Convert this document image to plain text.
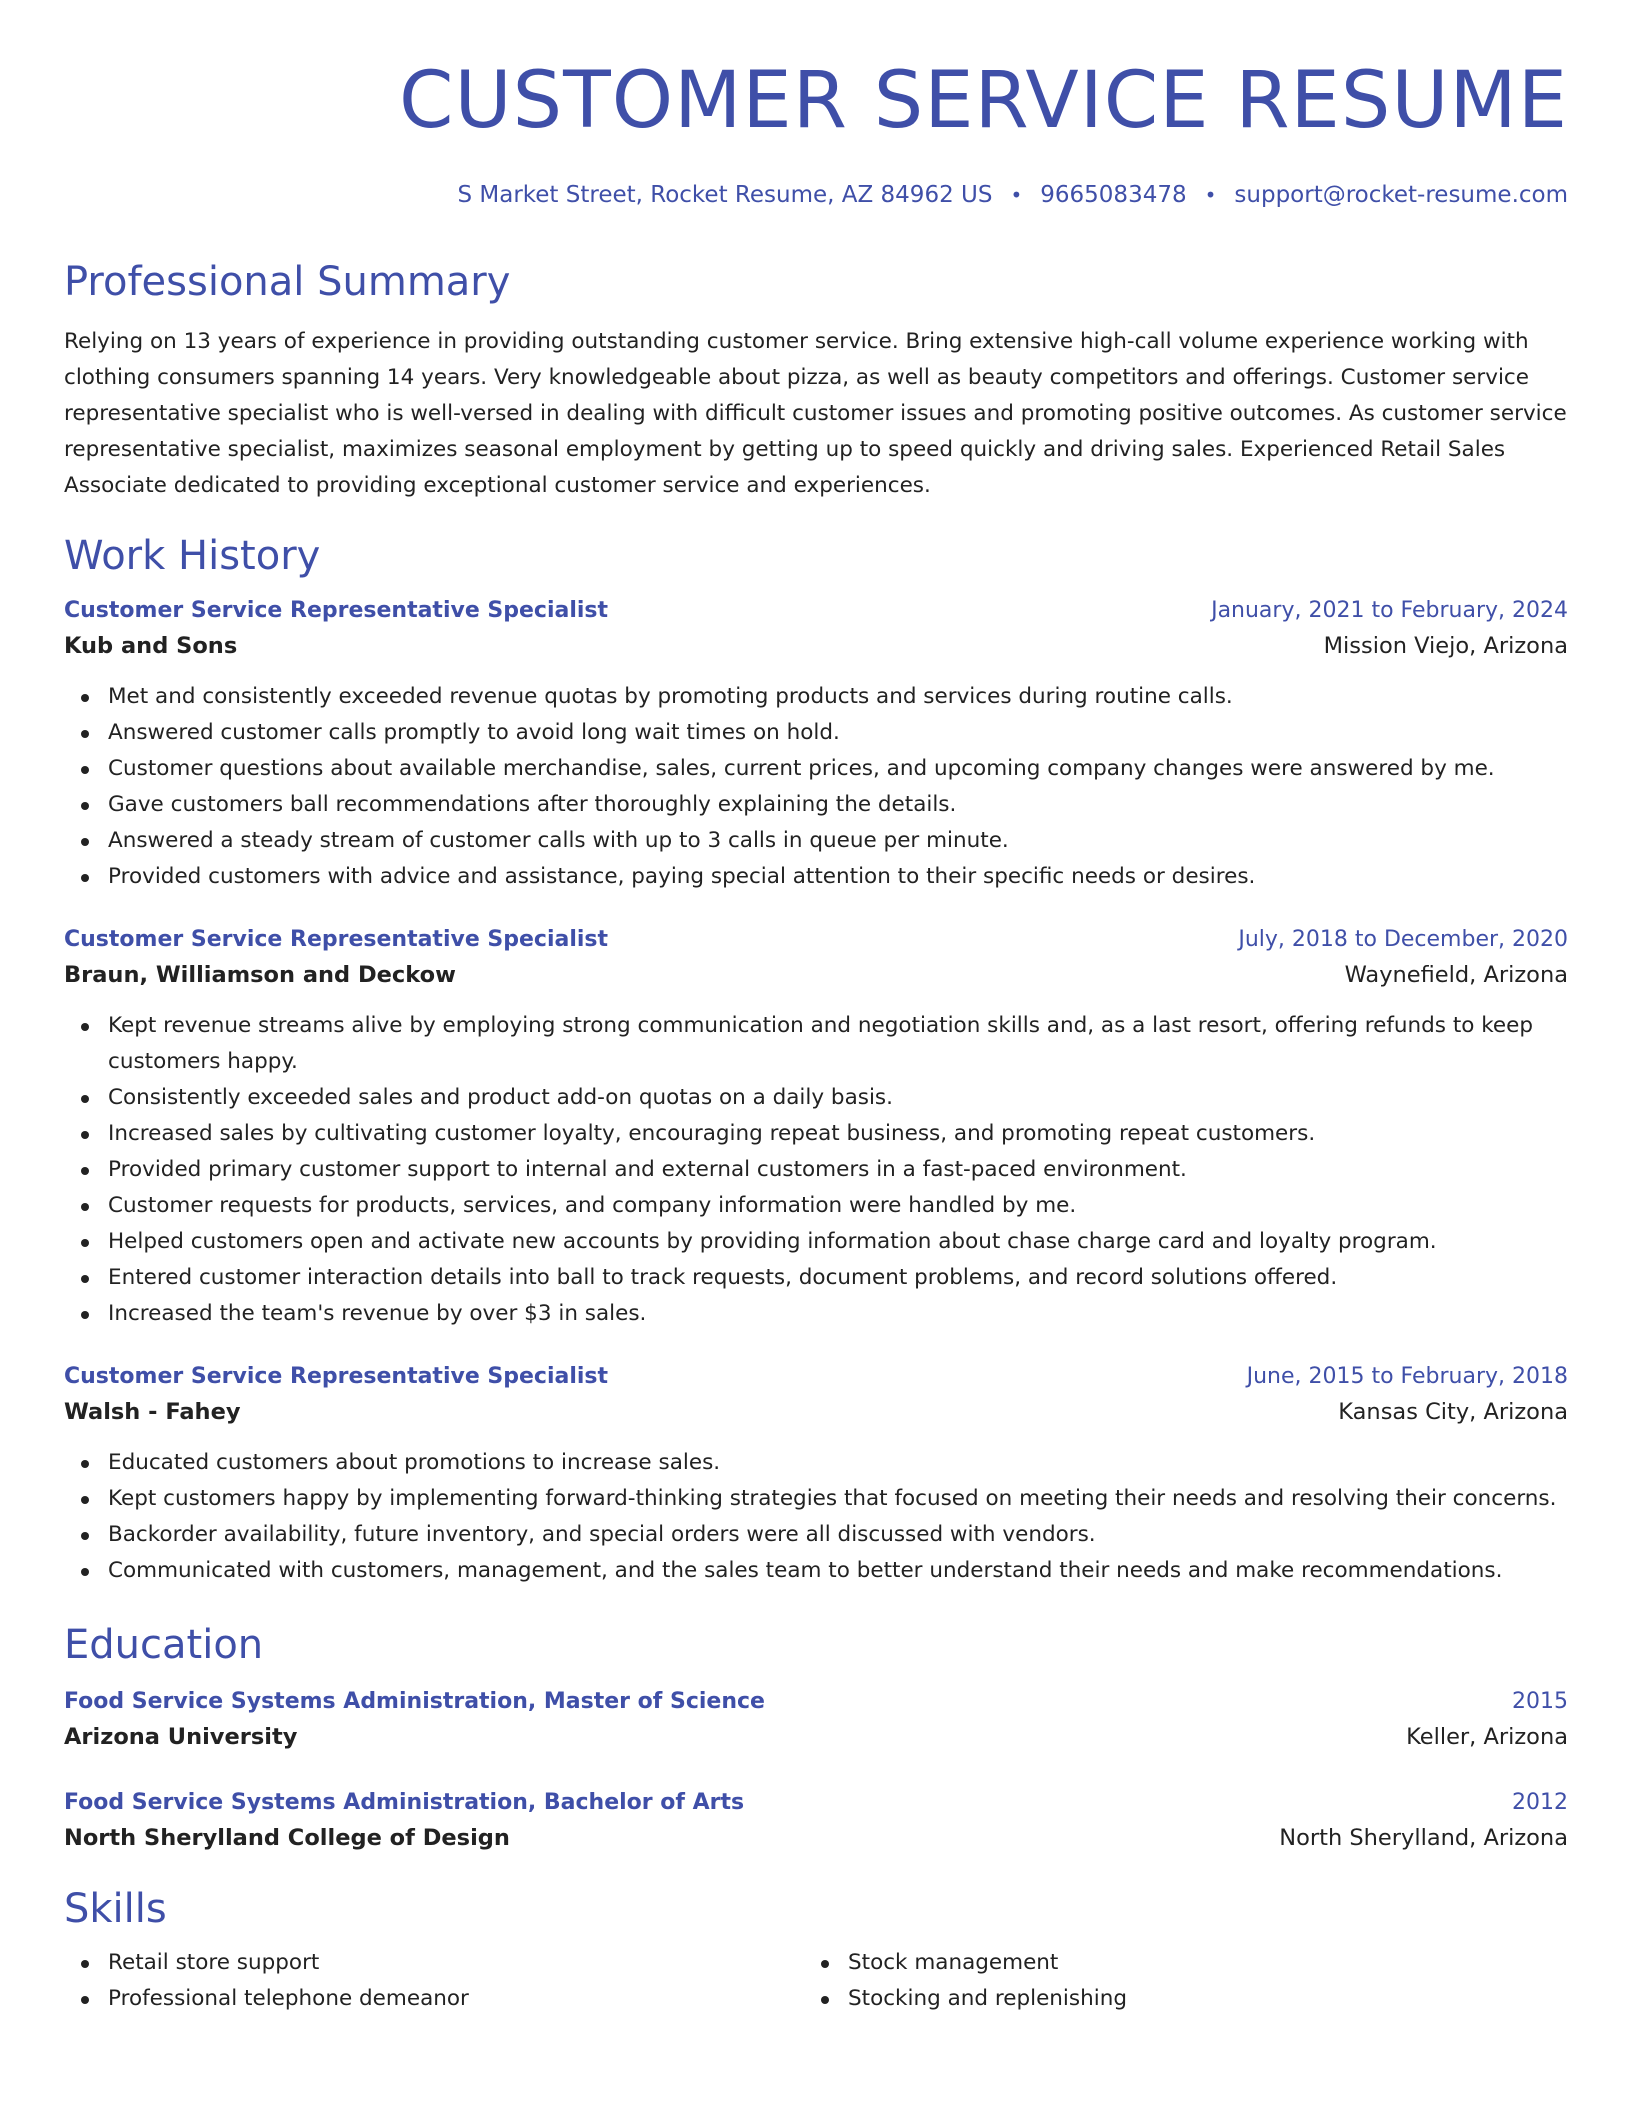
CUSTOMER SERVICE RESUME
S Market Street, Rocket Resume, AZ 84962 US • 9665083478 • support@rocket-resume.com
Professional Summary

Relying on 13 years of experience in providing outstanding customer service. Bring extensive high-call volume experience working with clothing consumers spanning 14 years. Very knowledgeable about pizza, as well as beauty competitors and offerings. Customer service representative specialist who is well-versed in dealing with difficult customer issues and promoting positive outcomes. As customer service representative specialist, maximizes seasonal employment by getting up to speed quickly and driving sales. Experienced Retail Sales Associate dedicated to providing exceptional customer service and experiences.

Work History
Customer Service Representative Specialist	January, 2021 to February, 2024
Kub and Sons	Mission Viejo, Arizona
Met and consistently exceeded revenue quotas by promoting products and services during routine calls.
Answered customer calls promptly to avoid long wait times on hold.
Customer questions about available merchandise, sales, current prices, and upcoming company changes were answered by me.
Gave customers ball recommendations after thoroughly explaining the details.
Answered a steady stream of customer calls with up to 3 calls in queue per minute.
Provided customers with advice and assistance, paying special attention to their specific needs or desires.
Customer Service Representative Specialist	July, 2018 to December, 2020
Braun, Williamson and Deckow	Waynefield, Arizona
Kept revenue streams alive by employing strong communication and negotiation skills and, as a last resort, offering refunds to keep customers happy.
Consistently exceeded sales and product add-on quotas on a daily basis.
Increased sales by cultivating customer loyalty, encouraging repeat business, and promoting repeat customers.
Provided primary customer support to internal and external customers in a fast-paced environment.
Customer requests for products, services, and company information were handled by me.
Helped customers open and activate new accounts by providing information about chase charge card and loyalty program.
Entered customer interaction details into ball to track requests, document problems, and record solutions offered.
Increased the team's revenue by over $3 in sales.
Customer Service Representative Specialist	June, 2015 to February, 2018
Walsh - Fahey	Kansas City, Arizona
Educated customers about promotions to increase sales.
Kept customers happy by implementing forward-thinking strategies that focused on meeting their needs and resolving their concerns.
Backorder availability, future inventory, and special orders were all discussed with vendors.
Communicated with customers, management, and the sales team to better understand their needs and make recommendations.
Education
Food Service Systems Administration, Master of Science	2015
Arizona University	Keller, Arizona
Food Service Systems Administration, Bachelor of Arts	2012
North Sherylland College of Design	North Sherylland, Arizona
Skills
Retail store support
Professional telephone demeanor
Stock management
Stocking and replenishing
